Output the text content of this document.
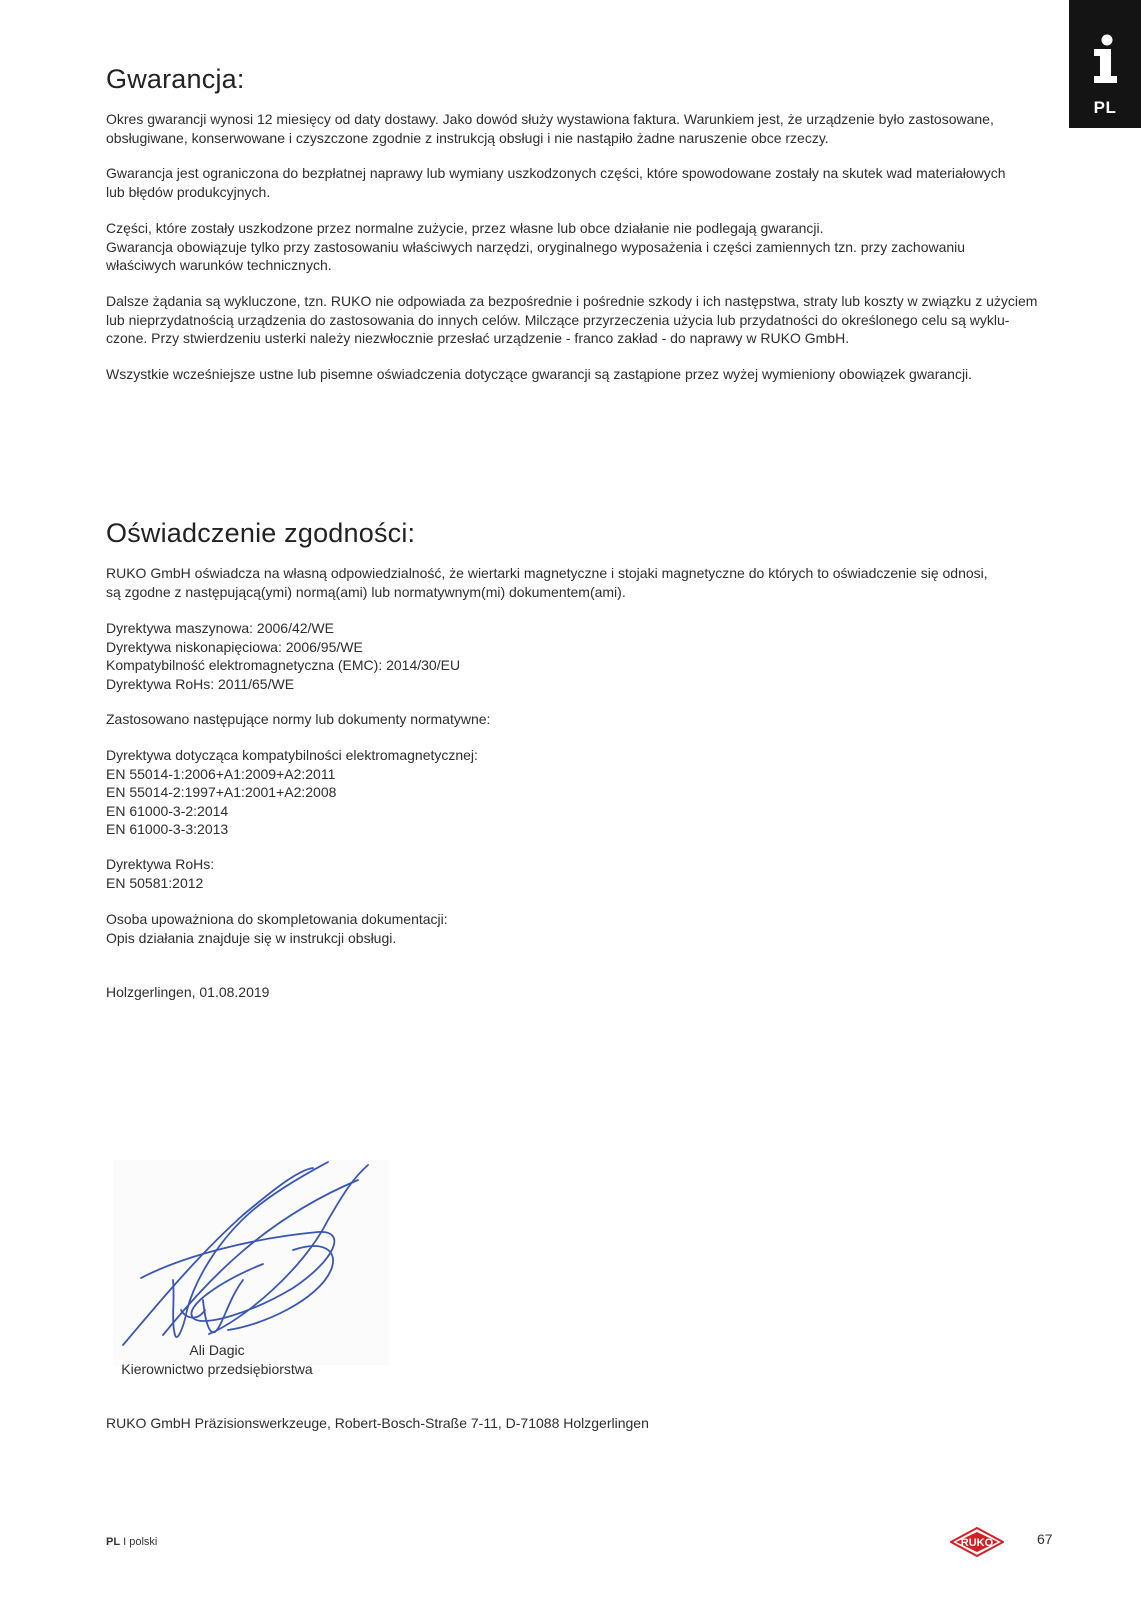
PL
Gwarancja:
Okres gwarancji wynosi 12 miesięcy od daty dostawy. Jako dowód służy wystawiona faktura. Warunkiem jest, że urządzenie było zastosowane,
obsługiwane, konserwowane i czyszczone zgodnie z instrukcją obsługi i nie nastąpiło żadne naruszenie obce rzeczy.
Gwarancja jest ograniczona do bezpłatnej naprawy lub wymiany uszkodzonych części, które spowodowane zostały na skutek wad materiałowych
lub błędów produkcyjnych.
Części, które zostały uszkodzone przez normalne zużycie, przez własne lub obce działanie nie podlegają gwarancji.
Gwarancja obowiązuje tylko przy zastosowaniu właściwych narzędzi, oryginalnego wyposażenia i części zamiennych tzn. przy zachowaniu
właściwych warunków technicznych.
Dalsze żądania są wykluczone, tzn. RUKO nie odpowiada za bezpośrednie i pośrednie szkody i ich następstwa, straty lub koszty w związku z użyciem
lub nieprzydatnością urządzenia do zastosowania do innych celów. Milczące przyrzeczenia użycia lub przydatności do określonego celu są wyklu-
czone. Przy stwierdzeniu usterki należy niezwłocznie przesłać urządzenie - franco zakład - do naprawy w RUKO GmbH.
Wszystkie wcześniejsze ustne lub pisemne oświadczenia dotyczące gwarancji są zastąpione przez wyżej wymieniony obowiązek gwarancji.
Oświadczenie zgodności:
RUKO GmbH oświadcza na własną odpowiedzialność, że wiertarki magnetyczne i stojaki magnetyczne do których to oświadczenie się odnosi,
są zgodne z następującą(ymi) normą(ami) lub normatywnym(mi) dokumentem(ami).
Dyrektywa maszynowa: 2006/42/WE
Dyrektywa niskonapięciowa: 2006/95/WE
Kompatybilność elektromagnetyczna (EMC): 2014/30/EU
Dyrektywa RoHs: 2011/65/WE
Zastosowano następujące normy lub dokumenty normatywne:
Dyrektywa dotycząca kompatybilności elektromagnetycznej:
EN 55014-1:2006+A1:2009+A2:2011
EN 55014-2:1997+A1:2001+A2:2008
EN 61000-3-2:2014
EN 61000-3-3:2013
Dyrektywa RoHs:
EN 50581:2012
Osoba upoważniona do skompletowania dokumentacji:
Opis działania znajduje się w instrukcji obsługi.
Holzgerlingen, 01.08.2019
Ali Dagic
Kierownictwo przedsiębiorstwa
RUKO GmbH Präzisionswerkzeuge, Robert-Bosch-Straße 7-11, D-71088 Holzgerlingen
PL I polski	RUKO	67
